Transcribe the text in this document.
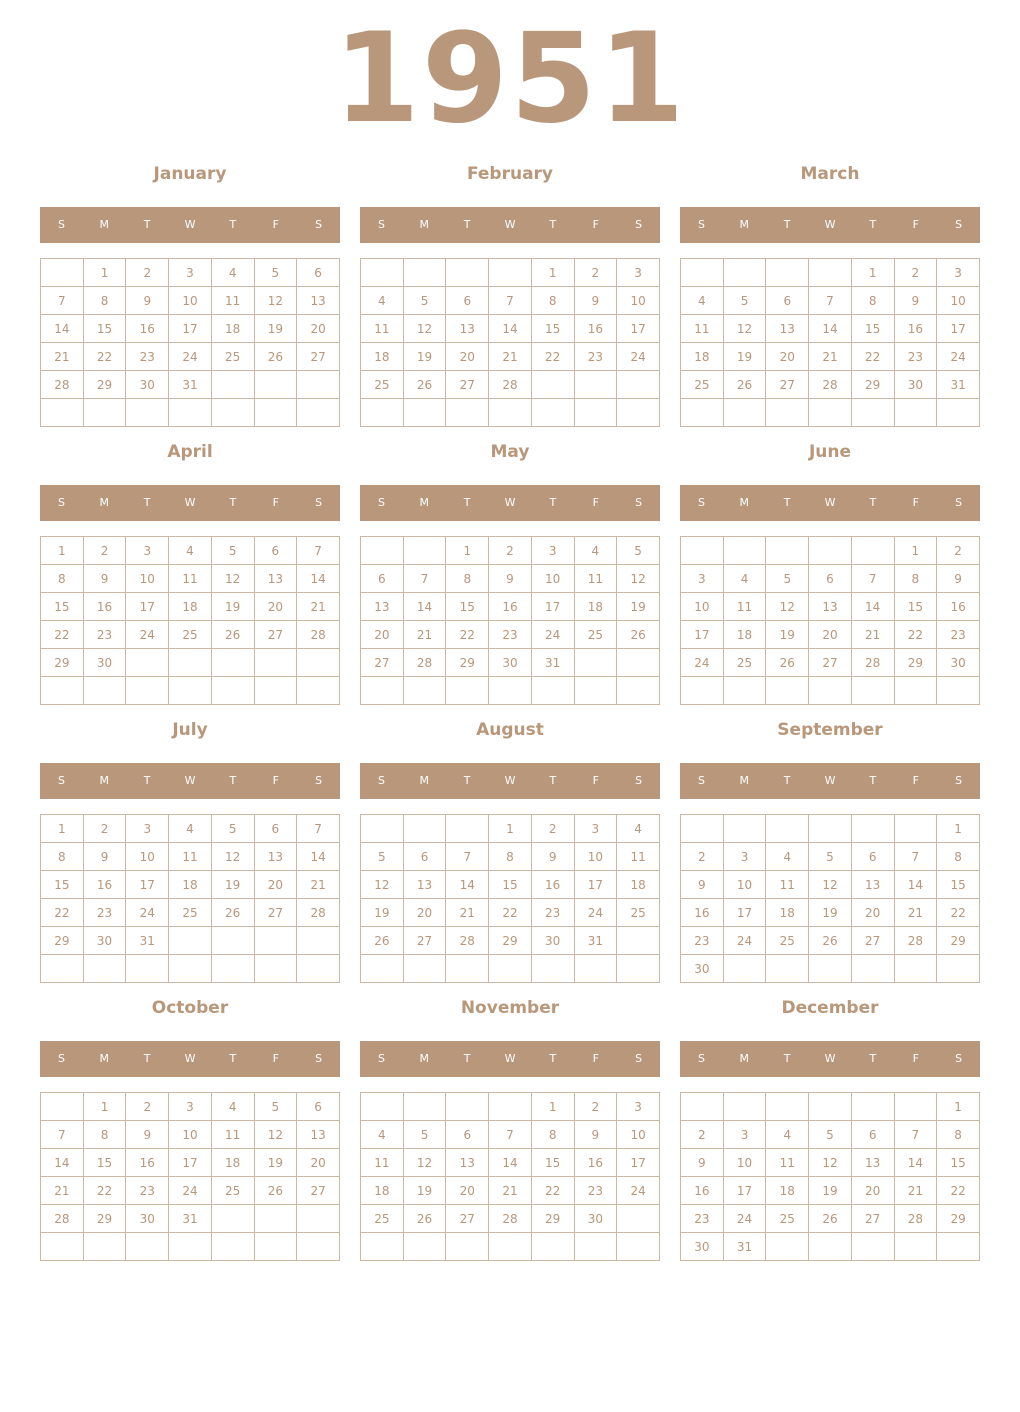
1951
January
S	M	T	W	T	F	S
	1	2	3	4	5	6
7	8	9	10	11	12	13
14	15	16	17	18	19	20
21	22	23	24	25	26	27
28	29	30	31			

February
S	M	T	W	T	F	S
				1	2	3
4	5	6	7	8	9	10
11	12	13	14	15	16	17
18	19	20	21	22	23	24
25	26	27	28			

March
S	M	T	W	T	F	S
				1	2	3
4	5	6	7	8	9	10
11	12	13	14	15	16	17
18	19	20	21	22	23	24
25	26	27	28	29	30	31

April
S	M	T	W	T	F	S
1	2	3	4	5	6	7
8	9	10	11	12	13	14
15	16	17	18	19	20	21
22	23	24	25	26	27	28
29	30					

May
S	M	T	W	T	F	S
		1	2	3	4	5
6	7	8	9	10	11	12
13	14	15	16	17	18	19
20	21	22	23	24	25	26
27	28	29	30	31		

June
S	M	T	W	T	F	S
					1	2
3	4	5	6	7	8	9
10	11	12	13	14	15	16
17	18	19	20	21	22	23
24	25	26	27	28	29	30

July
S	M	T	W	T	F	S
1	2	3	4	5	6	7
8	9	10	11	12	13	14
15	16	17	18	19	20	21
22	23	24	25	26	27	28
29	30	31				

August
S	M	T	W	T	F	S
			1	2	3	4
5	6	7	8	9	10	11
12	13	14	15	16	17	18
19	20	21	22	23	24	25
26	27	28	29	30	31	

September
S	M	T	W	T	F	S
						1
2	3	4	5	6	7	8
9	10	11	12	13	14	15
16	17	18	19	20	21	22
23	24	25	26	27	28	29
30						
October
S	M	T	W	T	F	S
	1	2	3	4	5	6
7	8	9	10	11	12	13
14	15	16	17	18	19	20
21	22	23	24	25	26	27
28	29	30	31			

November
S	M	T	W	T	F	S
				1	2	3
4	5	6	7	8	9	10
11	12	13	14	15	16	17
18	19	20	21	22	23	24
25	26	27	28	29	30	

December
S	M	T	W	T	F	S
						1
2	3	4	5	6	7	8
9	10	11	12	13	14	15
16	17	18	19	20	21	22
23	24	25	26	27	28	29
30	31					
